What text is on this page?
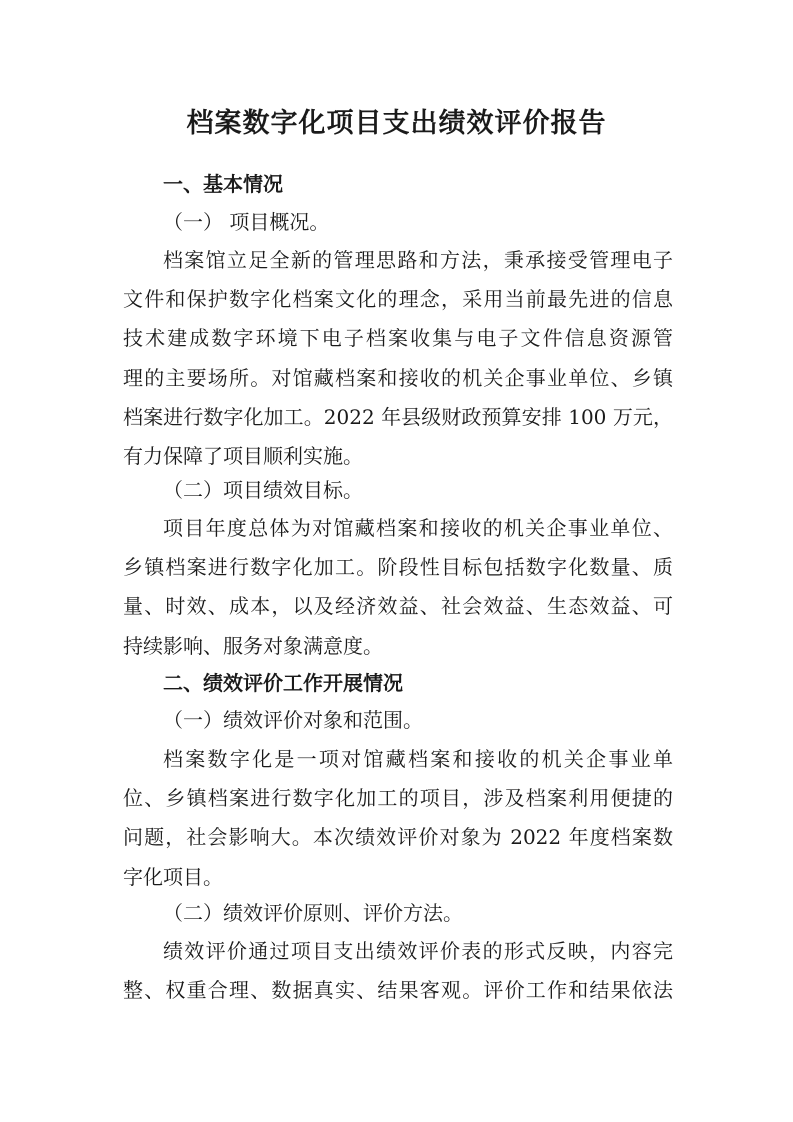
档案数字化项目支出绩效评价报告
一、基本情况
（一） 项目概况。
档案馆立足全新的管理思路和方法，秉承接受管理电子
文件和保护数字化档案文化的理念，采用当前最先进的信息
技术建成数字环境下电子档案收集与电子文件信息资源管
理的主要场所。对馆藏档案和接收的机关企事业单位、乡镇
档案进行数字化加工。2022 年县级财政预算安排 100 万元，
有力保障了项目顺利实施。
（二）项目绩效目标。
项目年度总体为对馆藏档案和接收的机关企事业单位、
乡镇档案进行数字化加工。阶段性目标包括数字化数量、质
量、时效、成本，以及经济效益、社会效益、生态效益、可
持续影响、服务对象满意度。
二、绩效评价工作开展情况
（一）绩效评价对象和范围。
档案数字化是一项对馆藏档案和接收的机关企事业单
位、乡镇档案进行数字化加工的项目，涉及档案利用便捷的
问题，社会影响大。本次绩效评价对象为 2022 年度档案数
字化项目。
（二）绩效评价原则、评价方法。
绩效评价通过项目支出绩效评价表的形式反映，内容完
整、权重合理、数据真实、结果客观。评价工作和结果依法
